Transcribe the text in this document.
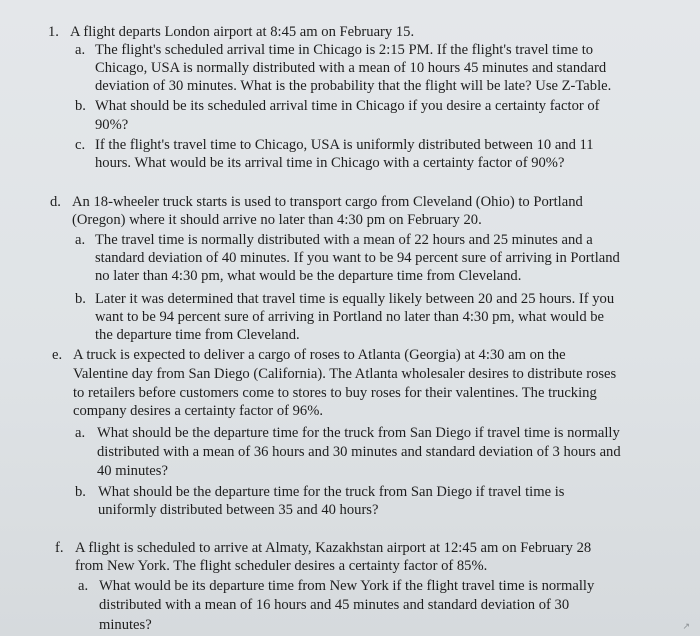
1. A flight departs London airport at 8:45 am on February 15.
a. The flight's scheduled arrival time in Chicago is 2:15 PM. If the flight's travel time to
Chicago, USA is normally distributed with a mean of 10 hours 45 minutes and standard
deviation of 30 minutes. What is the probability that the flight will be late? Use Z-Table.
b. What should be its scheduled arrival time in Chicago if you desire a certainty factor of
90%?
c. If the flight's travel time to Chicago, USA is uniformly distributed between 10 and 11
hours. What would be its arrival time in Chicago with a certainty factor of 90%?
d. An 18-wheeler truck starts is used to transport cargo from Cleveland (Ohio) to Portland
(Oregon) where it should arrive no later than 4:30 pm on February 20.
a. The travel time is normally distributed with a mean of 22 hours and 25 minutes and a
standard deviation of 40 minutes. If you want to be 94 percent sure of arriving in Portland
no later than 4:30 pm, what would be the departure time from Cleveland.
b. Later it was determined that travel time is equally likely between 20 and 25 hours. If you
want to be 94 percent sure of arriving in Portland no later than 4:30 pm, what would be
the departure time from Cleveland.
e. A truck is expected to deliver a cargo of roses to Atlanta (Georgia) at 4:30 am on the
Valentine day from San Diego (California). The Atlanta wholesaler desires to distribute roses
to retailers before customers come to stores to buy roses for their valentines. The trucking
company desires a certainty factor of 96%.
a. What should be the departure time for the truck from San Diego if travel time is normally
distributed with a mean of 36 hours and 30 minutes and standard deviation of 3 hours and
40 minutes?
b. What should be the departure time for the truck from San Diego if travel time is
uniformly distributed between 35 and 40 hours?
f. A flight is scheduled to arrive at Almaty, Kazakhstan airport at 12:45 am on February 28
from New York. The flight scheduler desires a certainty factor of 85%.
a. What would be its departure time from New York if the flight travel time is normally
distributed with a mean of 16 hours and 45 minutes and standard deviation of 30
minutes?	↗
